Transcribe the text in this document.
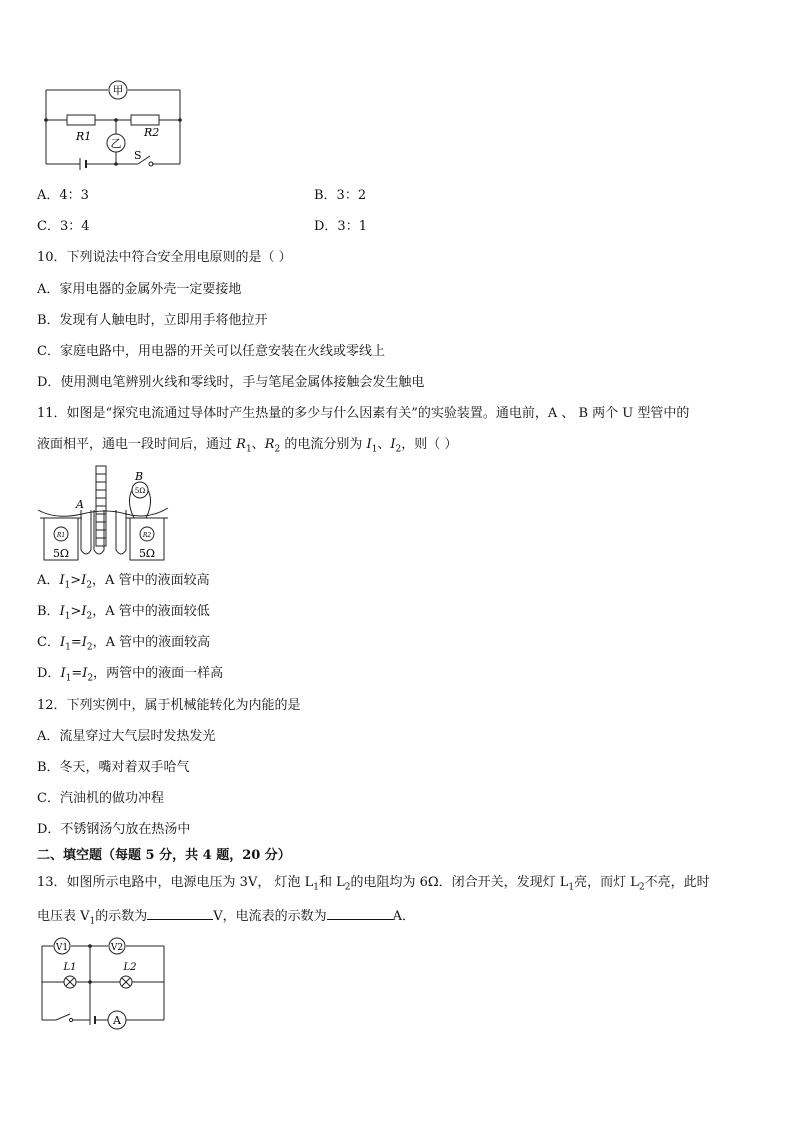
甲
乙
R1	R2
S
A．4：3	B．3：2
C．3：4	D．3：1
10．下列说法中符合安全用电原则的是（ ）
A．家用电器的金属外壳一定要接地
B．发现有人触电时，立即用手将他拉开
C．家庭电路中，用电器的开关可以任意安装在火线或零线上
D．使用测电笔辨别火线和零线时，手与笔尾金属体接触会发生触电
11．如图是“探究电流通过导体时产生热量的多少与什么因素有关”的实验装置。通电前，A 、 B 两个 U 型管中的
液面相平，通电一段时间后，通过 $R_1$、$R_2$ 的电流分别为 $I_1$、$I_2$，则（ ）
A
B
5Ω
R1	R2
5Ω	5Ω
A．$I_1>I_2$，A 管中的液面较高
B．$I_1>I_2$，A 管中的液面较低
C．$I_1=I_2$，A 管中的液面较高
D．$I_1=I_2$，两管中的液面一样高
12．下列实例中，属于机械能转化为内能的是
A．流星穿过大气层时发热发光
B．冬天，嘴对着双手哈气
C．汽油机的做功冲程
D．不锈钢汤勺放在热汤中
二、填空题（每题 5 分，共 4 题，20 分）
13．如图所示电路中，电源电压为 3V， 灯泡 $L_1$和 $L_2$的电阻均为 6Ω．闭合开关，发现灯 $L_1$亮，而灯 $L_2$不亮，此时
电压表 $V_1$的示数为	V，电流表的示数为	A．
V1	V2
L1	L2
A
